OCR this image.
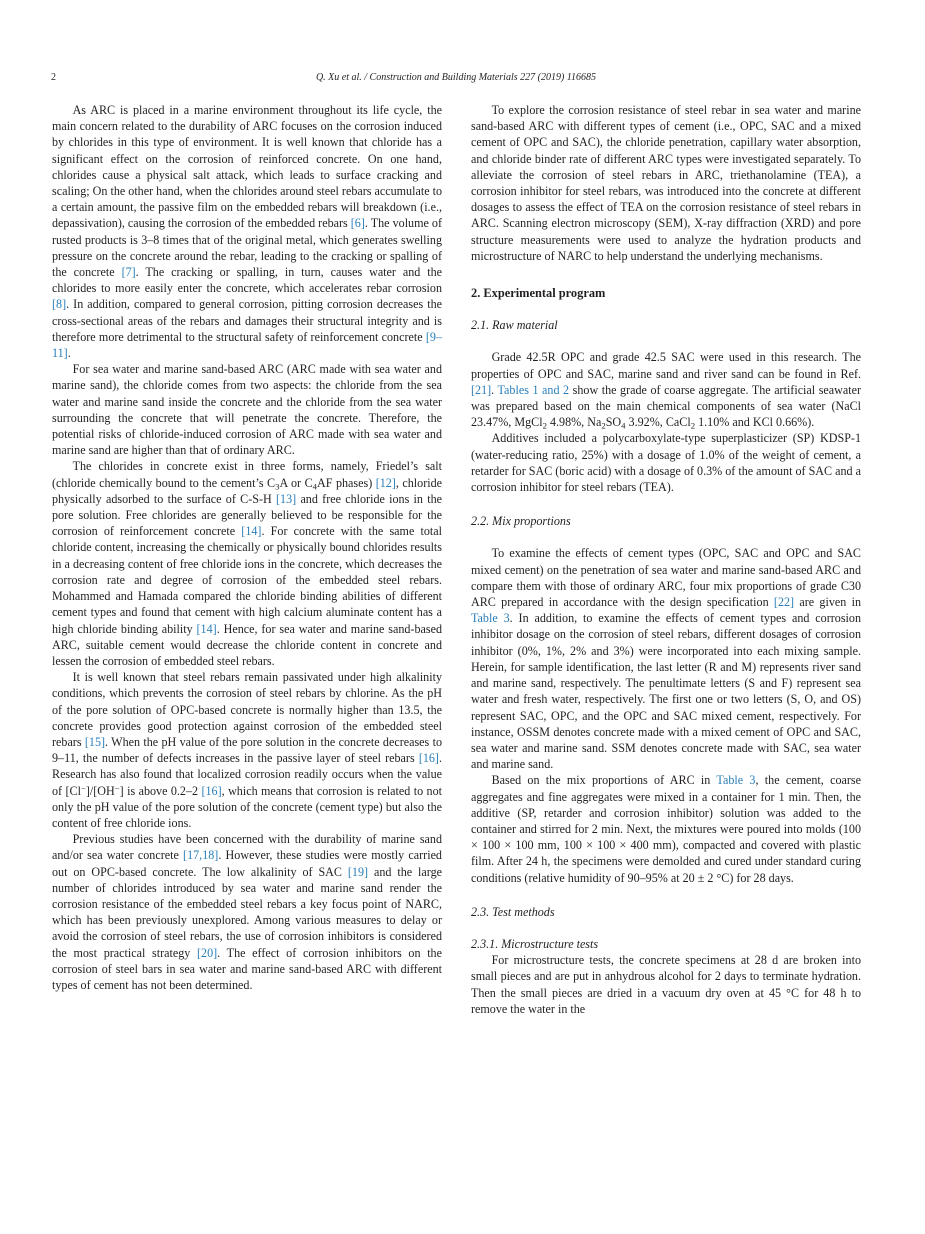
2	Q. Xu et al. / Construction and Building Materials 227 (2019) 116685

As ARC is placed in a marine environment throughout its life cycle, the main concern related to the durability of ARC focuses on the corrosion induced by chlorides in this type of environment. It is well known that chloride has a significant effect on the corrosion of reinforced concrete. On one hand, chlorides cause a physical salt attack, which leads to surface cracking and scaling; On the other hand, when the chlorides around steel rebars accumulate to a certain amount, the passive film on the embedded rebars will breakdown (i.e., depassivation), causing the corrosion of the embedded rebars [6]. The volume of rusted products is 3–8 times that of the original metal, which generates swelling pressure on the concrete around the rebar, leading to the cracking or spalling of the concrete [7]. The cracking or spalling, in turn, causes water and the chlorides to more easily enter the concrete, which accelerates rebar corrosion [8]. In addition, compared to general corrosion, pitting corrosion decreases the cross-sectional areas of the rebars and damages their structural integrity and is therefore more detrimental to the structural safety of reinforcement concrete [9–11].

For sea water and marine sand-based ARC (ARC made with sea water and marine sand), the chloride comes from two aspects: the chloride from the sea water and marine sand inside the concrete and the chloride from the sea water surrounding the concrete that will penetrate the concrete. Therefore, the potential risks of chloride-induced corrosion of ARC made with sea water and marine sand are higher than that of ordinary ARC.

The chlorides in concrete exist in three forms, namely, Friedel’s salt (chloride chemically bound to the cement’s $C_3A$ or $C_4AF$ phases) [12], chloride physically adsorbed to the surface of C-S-H [13] and free chloride ions in the pore solution. Free chlorides are generally believed to be responsible for the corrosion of reinforcement concrete [14]. For concrete with the same total chloride content, increasing the chemically or physically bound chlorides results in a decreasing content of free chloride ions in the concrete, which decreases the corrosion rate and degree of corrosion of the embedded steel rebars. Mohammed and Hamada compared the chloride binding abilities of different cement types and found that cement with high calcium aluminate content has a high chloride binding ability [14]. Hence, for sea water and marine sand-based ARC, suitable cement would decrease the chloride content in concrete and lessen the corrosion of embedded steel rebars.

It is well known that steel rebars remain passivated under high alkalinity conditions, which prevents the corrosion of steel rebars by chlorine. As the pH of the pore solution of OPC-based concrete is normally higher than 13.5, the concrete provides good protection against corrosion of the embedded steel rebars [15]. When the pH value of the pore solution in the concrete decreases to 9–11, the number of defects increases in the passive layer of steel rebars [16]. Research has also found that localized corrosion readily occurs when the value of [Cl−]/[OH−] is above 0.2–2 [16], which means that corrosion is related to not only the pH value of the pore solution of the concrete (cement type) but also the content of free chloride ions.

Previous studies have been concerned with the durability of marine sand and/or sea water concrete [17,18]. However, these studies were mostly carried out on OPC-based concrete. The low alkalinity of SAC [19] and the large number of chlorides introduced by sea water and marine sand render the corrosion resistance of the embedded steel rebars a key focus point of NARC, which has been previously unexplored. Among various measures to delay or avoid the corrosion of steel rebars, the use of corrosion inhibitors is considered the most practical strategy [20]. The effect of corrosion inhibitors on the corrosion of steel bars in sea water and marine sand-based ARC with different types of cement has not been determined.

To explore the corrosion resistance of steel rebar in sea water and marine sand-based ARC with different types of cement (i.e., OPC, SAC and a mixed cement of OPC and SAC), the chloride penetration, capillary water absorption, and chloride binder rate of different ARC types were investigated separately. To alleviate the corrosion of steel rebars in ARC, triethanolamine (TEA), a corrosion inhibitor for steel rebars, was introduced into the concrete at different dosages to assess the effect of TEA on the corrosion resistance of steel rebars in ARC. Scanning electron microscopy (SEM), X-ray diffraction (XRD) and pore structure measurements were used to analyze the hydration products and microstructure of NARC to help understand the underlying mechanisms.

2. Experimental program

2.1. Raw material

Grade 42.5R OPC and grade 42.5 SAC were used in this research. The properties of OPC and SAC, marine sand and river sand can be found in Ref. [21]. Tables 1 and 2 show the grade of coarse aggregate. The artificial seawater was prepared based on the main chemical components of sea water (NaCl 23.47%, MgCl$_2$ 4.98%, $Na_2SO_4$ 3.92%, CaCl$_2$ 1.10% and KCl 0.66%).

Additives included a polycarboxylate-type superplasticizer (SP) KDSP-1 (water-reducing ratio, 25%) with a dosage of 1.0% of the weight of cement, a retarder for SAC (boric acid) with a dosage of 0.3% of the amount of SAC and a corrosion inhibitor for steel rebars (TEA).

2.2. Mix proportions

To examine the effects of cement types (OPC, SAC and OPC and SAC mixed cement) on the penetration of sea water and marine sand-based ARC and compare them with those of ordinary ARC, four mix proportions of grade C30 ARC prepared in accordance with the design specification [22] are given in Table 3. In addition, to examine the effects of cement types and corrosion inhibitor dosage on the corrosion of steel rebars, different dosages of corrosion inhibitor (0%, 1%, 2% and 3%) were incorporated into each mixing sample. Herein, for sample identification, the last letter (R and M) represents river sand and marine sand, respectively. The penultimate letters (S and F) represent sea water and fresh water, respectively. The first one or two letters (S, O, and OS) represent SAC, OPC, and the OPC and SAC mixed cement, respectively. For instance, OSSM denotes concrete made with a mixed cement of OPC and SAC, sea water and marine sand. SSM denotes concrete made with SAC, sea water and marine sand.

Based on the mix proportions of ARC in Table 3, the cement, coarse aggregates and fine aggregates were mixed in a container for 1 min. Then, the additive (SP, retarder and corrosion inhibitor) solution was added to the container and stirred for 2 min. Next, the mixtures were poured into molds (100 × 100 × 100 mm, 100 × 100 × 400 mm), compacted and covered with plastic film. After 24 h, the specimens were demolded and cured under standard curing conditions (relative humidity of 90–95% at 20 ± 2 °C) for 28 days.

2.3. Test methods

2.3.1. Microstructure tests

For microstructure tests, the concrete specimens at 28 d are broken into small pieces and are put in anhydrous alcohol for 2 days to terminate hydration. Then the small pieces are dried in a vacuum dry oven at 45 °C for 48 h to remove the water in the
